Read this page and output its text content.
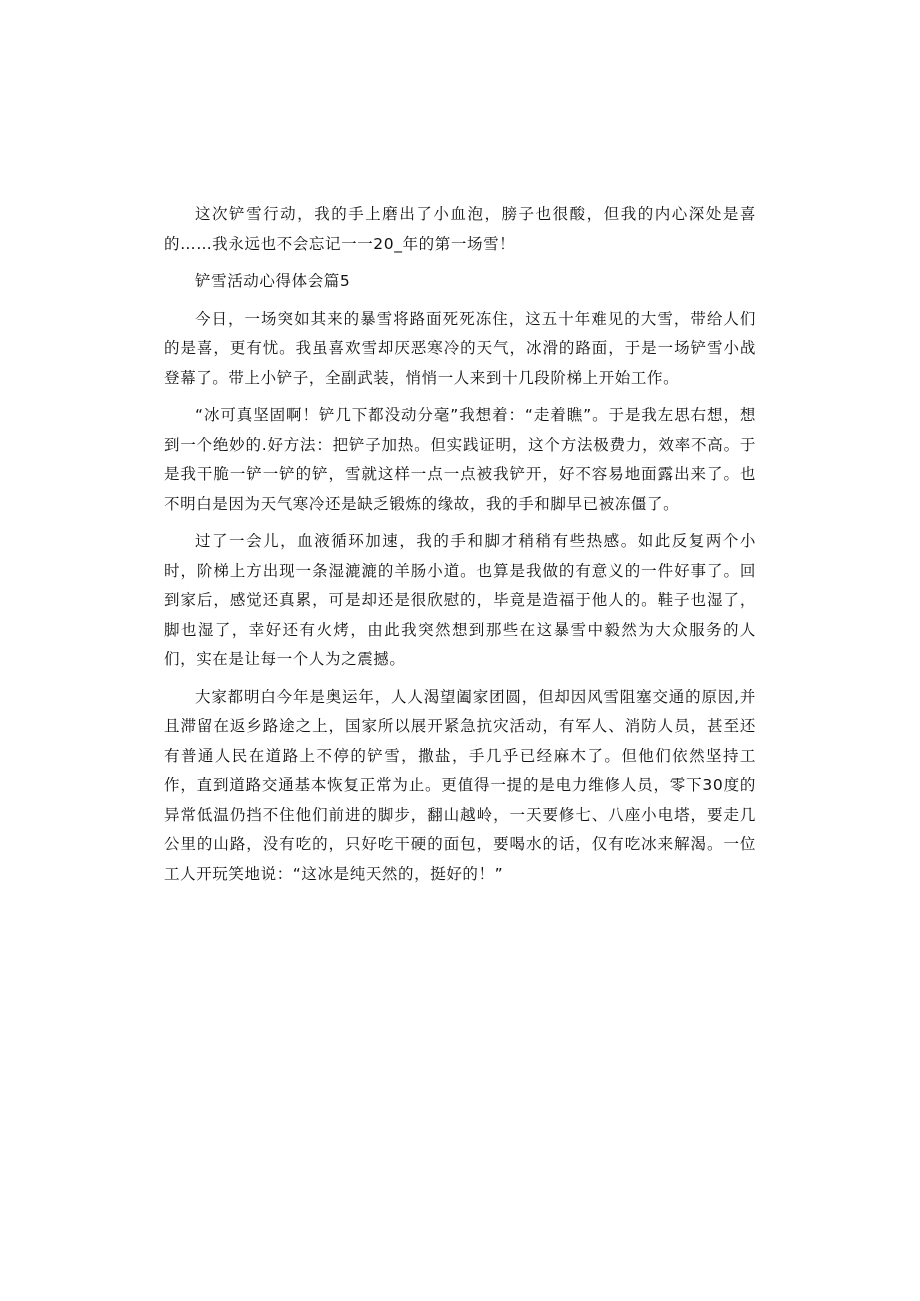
这次铲雪行动，我的手上磨出了小血泡，膀子也很酸，但我的内心深处是喜的……我永远也不会忘记一一20_年的第一场雪！

铲雪活动心得体会篇5

今日，一场突如其来的暴雪将路面死死冻住，这五十年难见的大雪，带给人们的是喜，更有忧。我虽喜欢雪却厌恶寒冷的天气，冰滑的路面，于是一场铲雪小战登幕了。带上小铲子，全副武装，悄悄一人来到十几段阶梯上开始工作。

“冰可真坚固啊！铲几下都没动分毫”我想着：“走着瞧”。于是我左思右想，想到一个绝妙的.好方法：把铲子加热。但实践证明，这个方法极费力，效率不高。于是我干脆一铲一铲的铲，雪就这样一点一点被我铲开，好不容易地面露出来了。也不明白是因为天气寒冷还是缺乏锻炼的缘故，我的手和脚早已被冻僵了。

过了一会儿，血液循环加速，我的手和脚才稍稍有些热感。如此反复两个小时，阶梯上方出现一条湿漉漉的羊肠小道。也算是我做的有意义的一件好事了。回到家后，感觉还真累，可是却还是很欣慰的，毕竟是造福于他人的。鞋子也湿了，脚也湿了，幸好还有火烤，由此我突然想到那些在这暴雪中毅然为大众服务的人们，实在是让每一个人为之震撼。

大家都明白今年是奥运年，人人渴望阖家团圆，但却因风雪阻塞交通的原因,并且滞留在返乡路途之上，国家所以展开紧急抗灾活动，有军人、消防人员，甚至还有普通人民在道路上不停的铲雪，撒盐，手几乎已经麻木了。但他们依然坚持工作，直到道路交通基本恢复正常为止。更值得一提的是电力维修人员，零下30度的异常低温仍挡不住他们前进的脚步，翻山越岭，一天要修七、八座小电塔，要走几公里的山路，没有吃的，只好吃干硬的面包，要喝水的话，仅有吃冰来解渴。一位工人开玩笑地说：“这冰是纯天然的，挺好的！”
